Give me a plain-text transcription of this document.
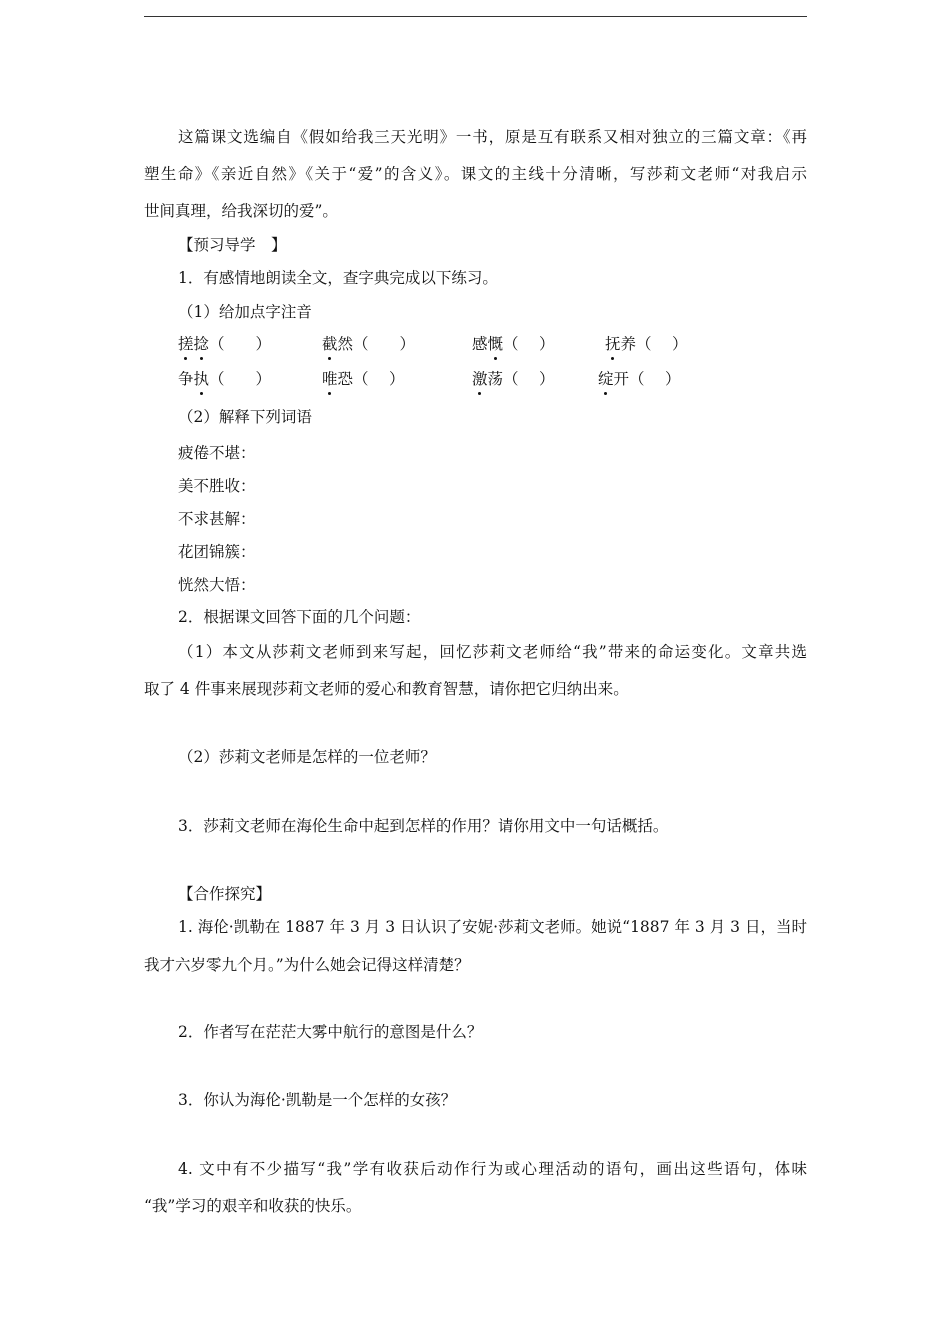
这篇课文选编自《假如给我三天光明》一书，原是互有联系又相对独立的三篇文章：《再
塑生命》《亲近自然》《关于“爱”的含义》。课文的主线十分清晰，写莎莉文老师“对我启示
世间真理，给我深切的爱”。
【预习导学　】
1．有感情地朗读全文，查字典完成以下练习。
（1）给加点字注音
搓捻（　　）	截然（　　）	感慨（　 ）	抚养（　 ）
争执（　　）	唯恐（　 ）	激荡（　 ）	绽开（　 ）
（2）解释下列词语
疲倦不堪：
美不胜收：
不求甚解：
花团锦簇：
恍然大悟：
2．根据课文回答下面的几个问题：
（1）本文从莎莉文老师到来写起，回忆莎莉文老师给“我”带来的命运变化。文章共选
取了 4 件事来展现莎莉文老师的爱心和教育智慧，请你把它归纳出来。
（2）莎莉文老师是怎样的一位老师？
3．莎莉文老师在海伦生命中起到怎样的作用？请你用文中一句话概括。
【合作探究】
1. 海伦·凯勒在 1887 年 3 月 3 日认识了安妮·莎莉文老师。她说“1887 年 3 月 3 日，当时
我才六岁零九个月。”为什么她会记得这样清楚？
2．作者写在茫茫大雾中航行的意图是什么？
3．你认为海伦·凯勒是一个怎样的女孩？
4. 文中有不少描写“我”学有收获后动作行为或心理活动的语句，画出这些语句，体味
“我”学习的艰辛和收获的快乐。
